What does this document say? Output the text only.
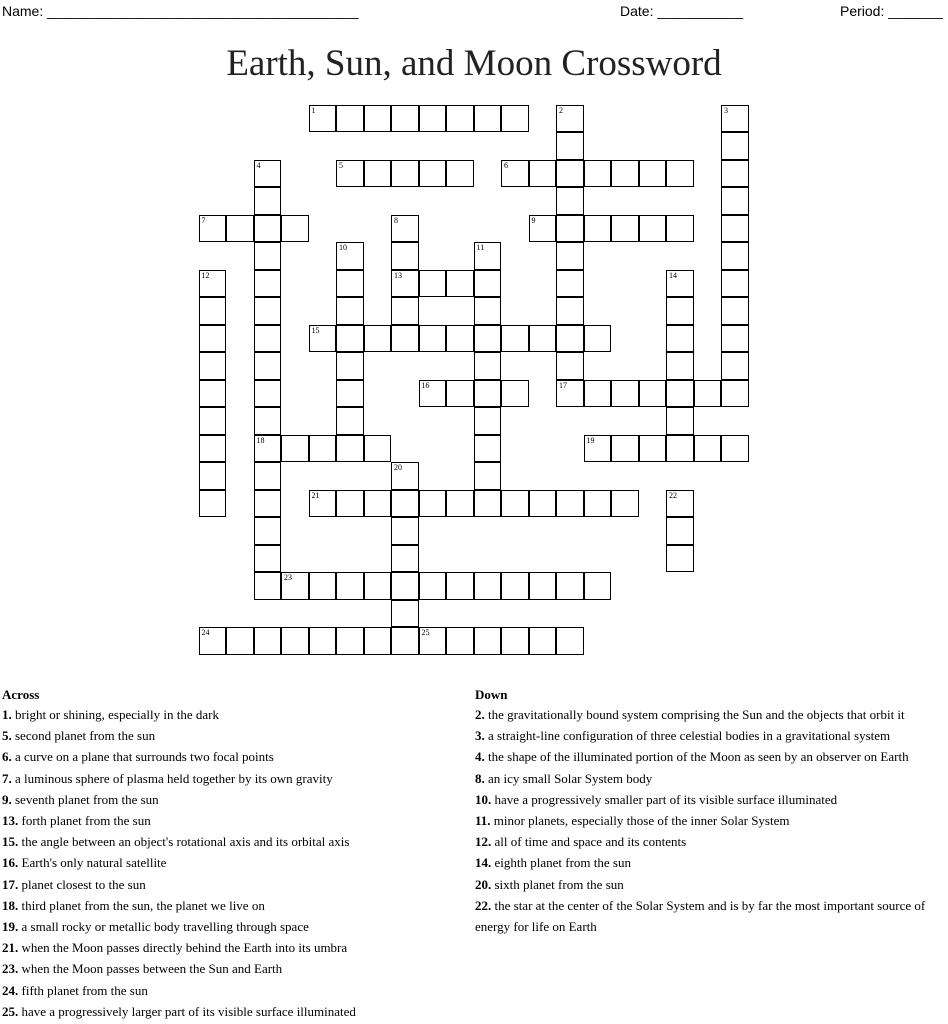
Name: ________________________________________	Date: ___________	Period: _______
Earth, Sun, and Moon Crossword
1	2
17
3
4
18
5	6
7	8
13
9
10	11
12	14
15
16
19
20
21	22
23
24	25
Across
1. bright or shining, especially in the dark
5. second planet from the sun
6. a curve on a plane that surrounds two focal points
7. a luminous sphere of plasma held together by its own gravity
9. seventh planet from the sun
13. forth planet from the sun
15. the angle between an object's rotational axis and its orbital axis
16. Earth's only natural satellite
17. planet closest to the sun
18. third planet from the sun, the planet we live on
19. a small rocky or metallic body travelling through space
21. when the Moon passes directly behind the Earth into its umbra
23. when the Moon passes between the Sun and Earth
24. fifth planet from the sun
25. have a progressively larger part of its visible surface illuminated
Down
2. the gravitationally bound system comprising the Sun and the objects that orbit it
3. a straight-line configuration of three celestial bodies in a gravitational system
4. the shape of the illuminated portion of the Moon as seen by an observer on Earth
8. an icy small Solar System body
10. have a progressively smaller part of its visible surface illuminated
11. minor planets, especially those of the inner Solar System
12. all of time and space and its contents
14. eighth planet from the sun
20. sixth planet from the sun
22. the star at the center of the Solar System and is by far the most important source of energy for life on Earth
